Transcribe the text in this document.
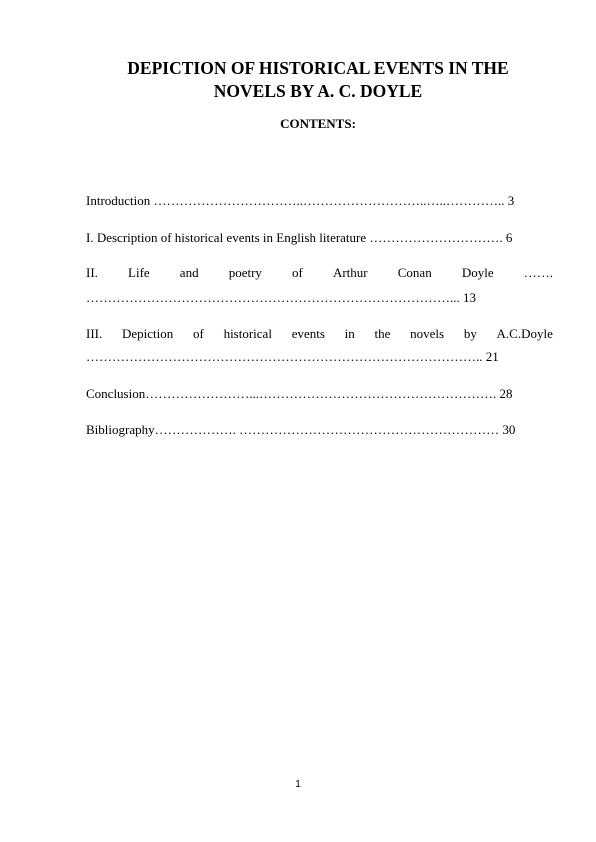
DEPICTION OF HISTORICAL EVENTS IN THE
NOVELS BY A. C. DOYLE
CONTENTS:
Introduction ……………………………..………………………..…..………….. 3
I. Description of historical events in English literature …………………………. 6
II. Life and poetry of Arthur Conan Doyle …….
…………………………………………………………………………... 13
III. Depiction of historical events in the novels by A.C.Doyle
……………………………………………………………………………….. 21
Conclusion……………………...………………………………………………. 28
Bibliography………………. …………………………………………………… 30
1
